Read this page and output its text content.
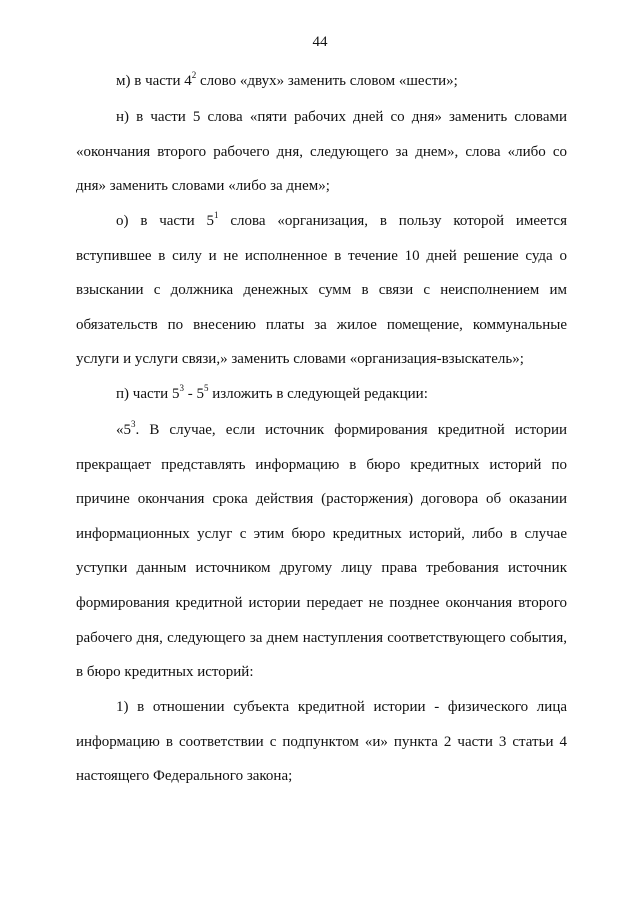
44

м) в части $4^2$ слово «двух» заменить словом «шести»;

н) в части 5 слова «пяти рабочих дней со дня» заменить словами «окончания второго рабочего дня, следующего за днем», слова «либо со дня» заменить словами «либо за днем»;

о) в части $5^1$ слова «организация, в пользу которой имеется вступившее в силу и не исполненное в течение 10 дней решение суда о взыскании с должника денежных сумм в связи с неисполнением им обязательств по внесению платы за жилое помещение, коммунальные услуги и услуги связи,» заменить словами «организация-взыскатель»;

п) части $5^3 - 5^5$ изложить в следующей редакции:

«$5^3$. В случае, если источник формирования кредитной истории прекращает представлять информацию в бюро кредитных историй по причине окончания срока действия (расторжения) договора об оказании информационных услуг с этим бюро кредитных историй, либо в случае уступки данным источником другому лицу права требования источник формирования кредитной истории передает не позднее окончания второго рабочего дня, следующего за днем наступления соответствующего события, в бюро кредитных историй:

1) в отношении субъекта кредитной истории - физического лица информацию в соответствии с подпунктом «и» пункта 2 части 3 статьи 4 настоящего Федерального закона;
